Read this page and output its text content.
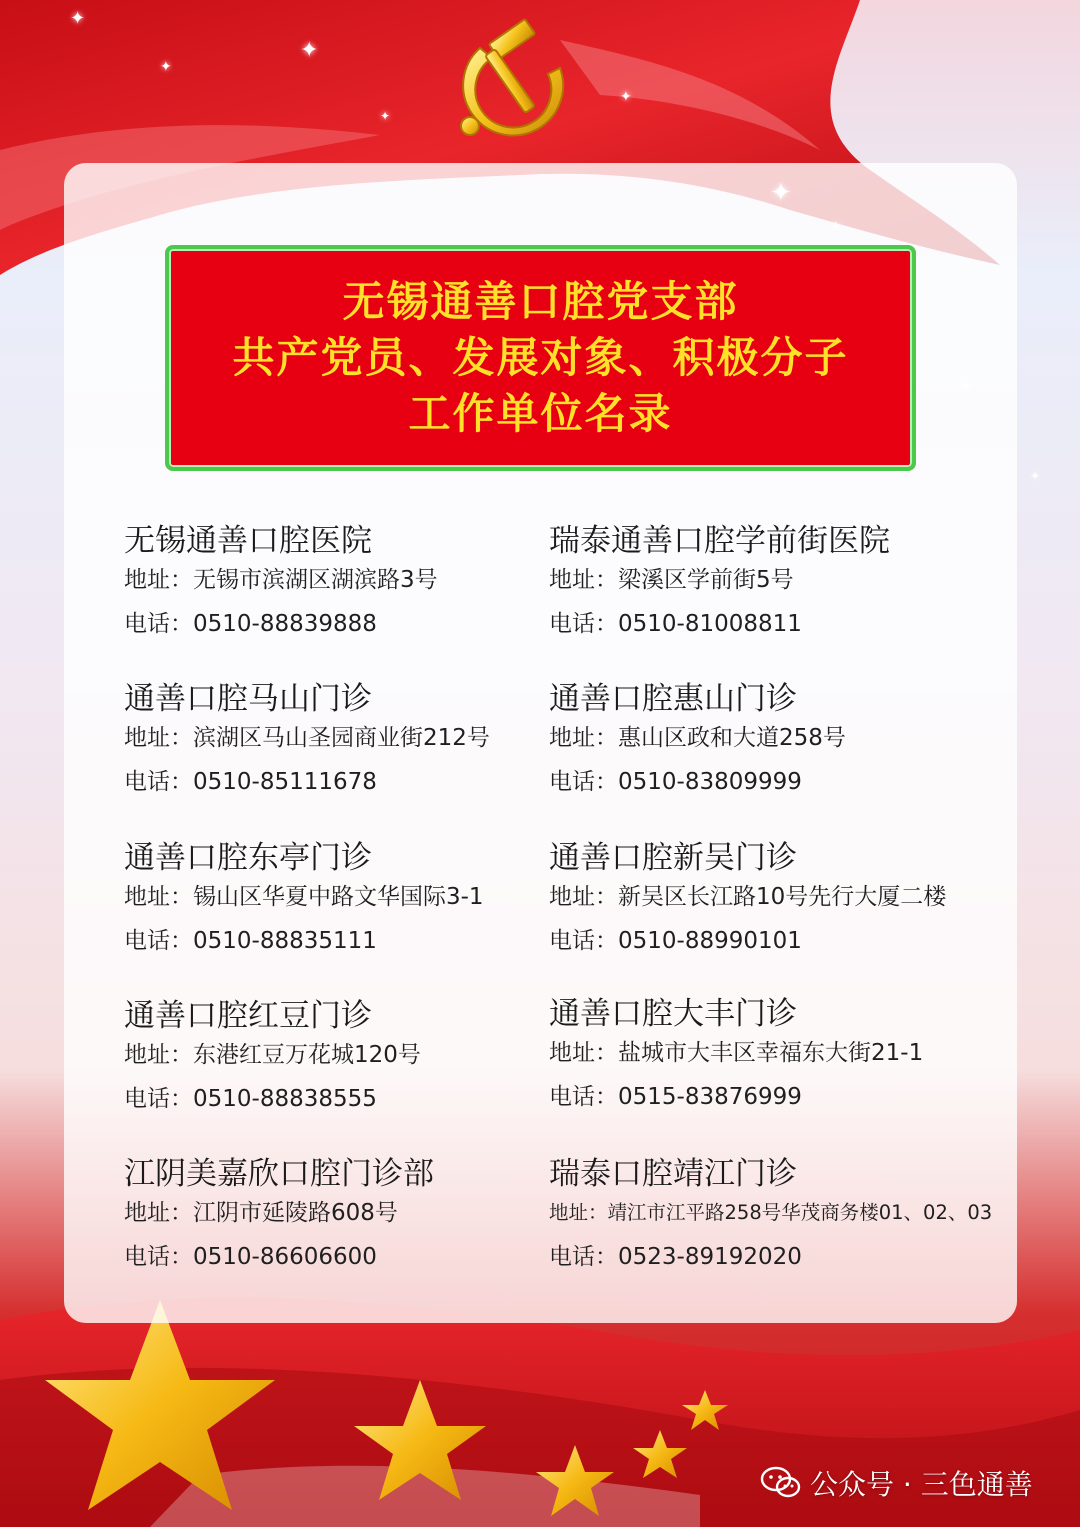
✦
✦
✦
✦
✦
✦
无锡通善口腔党支部
共产党员、发展对象、积极分子
工作单位名录
无锡通善口腔医院
地址：无锡市滨湖区湖滨路3号
电话：0510-88839888
通善口腔马山门诊
地址：滨湖区马山圣园商业街212号
电话：0510-85111678
通善口腔东亭门诊
地址：锡山区华夏中路文华国际3-1
电话：0510-88835111
通善口腔红豆门诊
地址：东港红豆万花城120号
电话：0510-88838555
江阴美嘉欣口腔门诊部
地址：江阴市延陵路608号
电话：0510-86606600
瑞泰通善口腔学前街医院
地址：梁溪区学前街5号
电话：0510-81008811
通善口腔惠山门诊
地址：惠山区政和大道258号
电话：0510-83809999
通善口腔新吴门诊
地址：新吴区长江路10号先行大厦二楼
电话：0510-88990101
通善口腔大丰门诊
地址：盐城市大丰区幸福东大街21-1
电话：0515-83876999
瑞泰口腔靖江门诊
地址：靖江市江平路258号华茂商务楼01、02、03
电话：0523-89192020
公众号 · 三色通善
